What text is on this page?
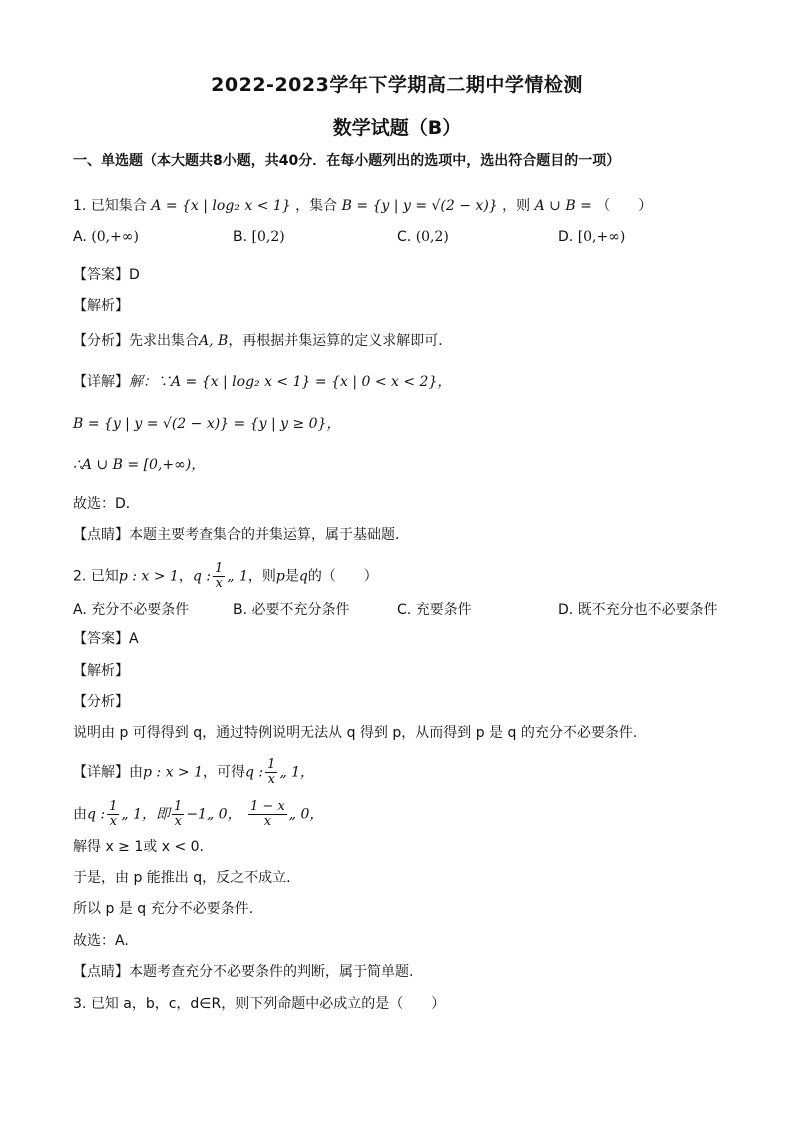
2022-2023学年下学期高二期中学情检测
数学试题（B）
一、单选题（本大题共8小题，共40分．在每小题列出的选项中，选出符合题目的一项）
1. 已知集合 A = {x | log₂ x < 1} ，集合 B = {y | y = √(2 − x)} ，则 A ∪ B = （　　）
A. (0,+∞)	B. [0,2)	C. (0,2)	D. [0,+∞)
【答案】D
【解析】
【分析】先求出集合A, B，再根据并集运算的定义求解即可．
【详解】解：∵A = {x | log₂ x < 1} = {x | 0 < x < 2}，
B = {y | y = √(2 − x)} = {y | y ≥ 0}，
∴A ∪ B = [0,+∞)，
故选：D．
【点睛】本题主要考查集合的并集运算，属于基础题．
2. 已知p : x > 1，q : $\frac{1}{x}$ „ 1，则p是q的（　　）
A. 充分不必要条件	B. 必要不充分条件	C. 充要条件	D. 既不充分也不必要条件
【答案】A
【解析】
【分析】
说明由 p 可得得到 q，通过特例说明无法从 q 得到 p，从而得到 p 是 q 的充分不必要条件.
【详解】由p : x > 1，可得q : $\frac{1}{x}$ „ 1，
由q : $\frac{1}{x}$ „ 1，即 $\frac{1}{x}$ −1„ 0， $\frac{1 - x}{x}$ „ 0，
解得 x ≥ 1或 x < 0．
于是，由 p 能推出 q，反之不成立.
所以 p 是 q 充分不必要条件.
故选：A.
【点睛】本题考查充分不必要条件的判断，属于简单题.
3. 已知 a，b，c，d∈R，则下列命题中必成立的是（　　）
